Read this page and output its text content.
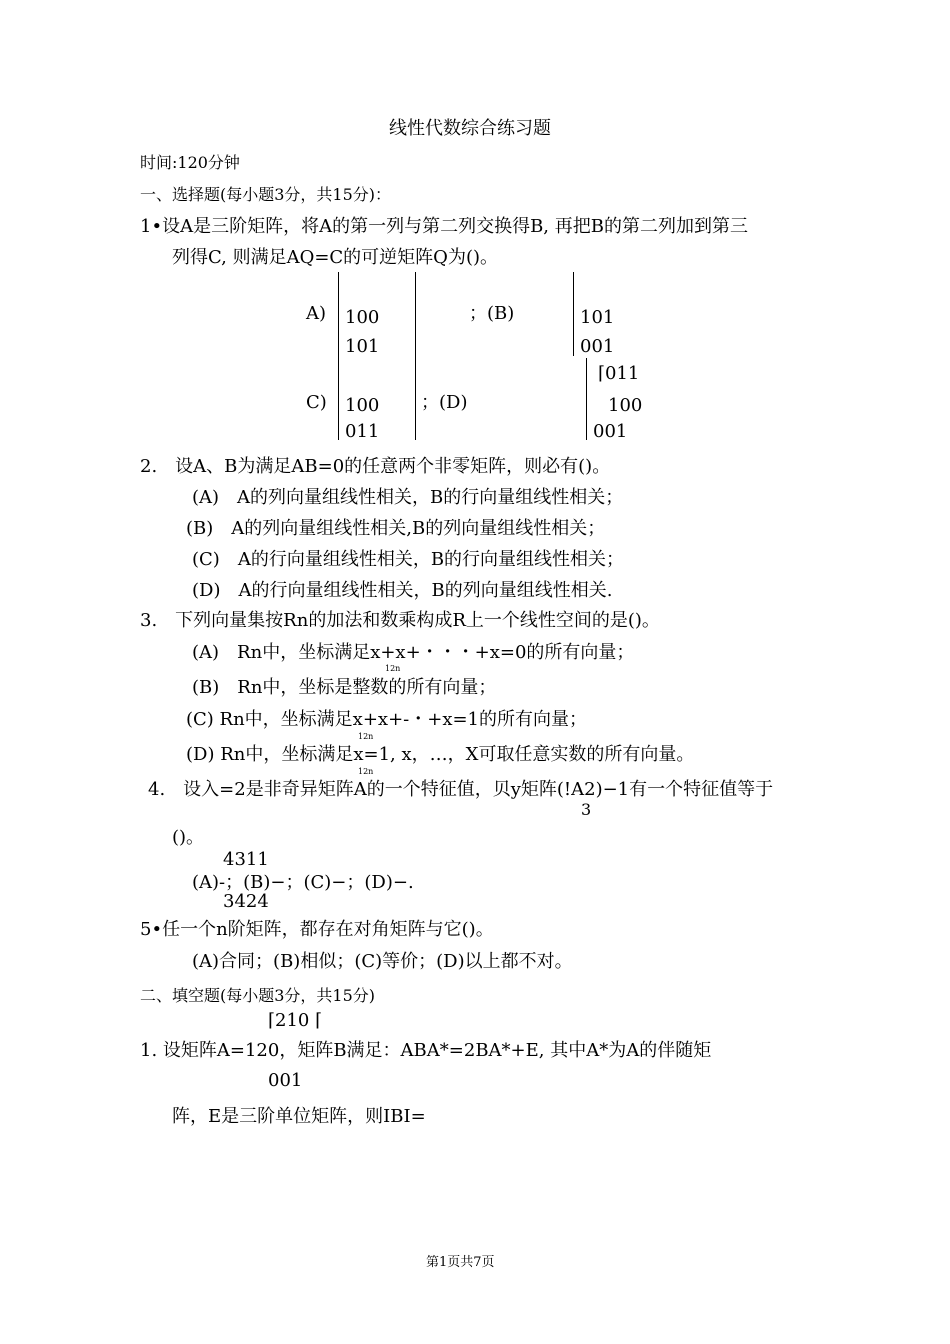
线性代数综合练习题
时间:120分钟
一、选择题(每小题3分，共15分)：
1•设A是三阶矩阵，将A的第一列与第二列交换得B, 再把B的第二列加到第三
列得C, 则满足AQ=C的可逆矩阵Q为()。
A) 100
101
；(B)	101
001
C) 100
011
；(D)
⌈011
100
001
2.　设A、B为满足AB=0的任意两个非零矩阵，则必有()。
(A)　A的列向量组线性相关，B的行向量组线性相关；
(B)　A的列向量组线性相关,B的列向量组线性相关；
(C)　A的行向量组线性相关，B的行向量组线性相关；
(D)　A的行向量组线性相关，B的列向量组线性相关.
3.　下列向量集按Rn的加法和数乘构成R上一个线性空间的是()。
(A)　Rn中，坐标满足x+x+・・・+x=0的所有向量；
12n
(B)　Rn中，坐标是整数的所有向量；
(C) Rn中，坐标满足x+x+-・+x=1的所有向量；
12n
(D) Rn中，坐标满足x=1, x，…，X可取任意实数的所有向量。
12n
4.　设入=2是非奇异矩阵A的一个特征值，贝y矩阵(!A2)−1有一个特征值等于
3
()。
4311
(A)-；(B)−；(C)−；(D)−.
3424
5•任一个n阶矩阵，都存在对角矩阵与它()。
(A)合同；(B)相似；(C)等价；(D)以上都不对。
二、填空题(每小题3分，共15分)
⌈210 ⌈
1. 设矩阵A=120，矩阵B满足：ABA*=2BA*+E, 其中A*为A的伴随矩
001
阵，E是三阶单位矩阵，则IBI=
第1页共7页
